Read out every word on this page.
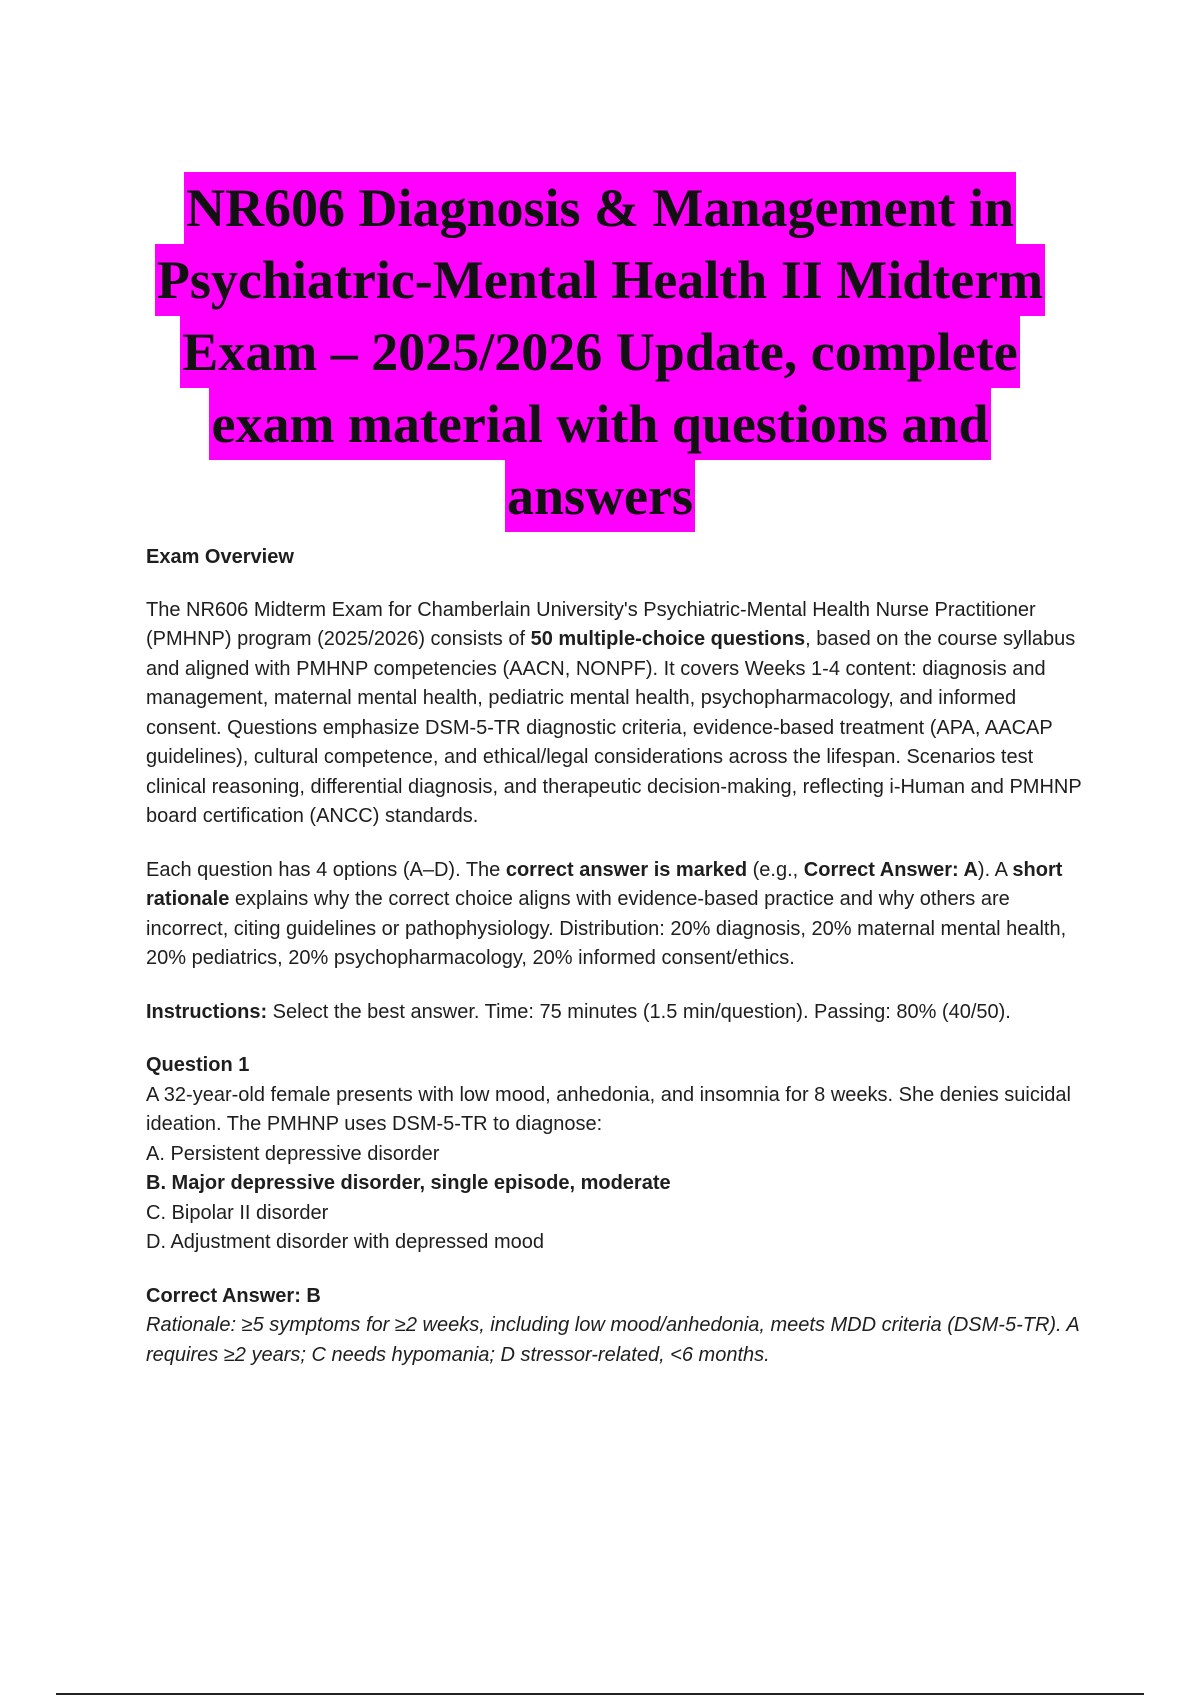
NR606 Diagnosis & Management in
Psychiatric-Mental Health II Midterm
Exam – 2025/2026 Update, complete
exam material with questions and
answers

Exam Overview

The NR606 Midterm Exam for Chamberlain University's Psychiatric-Mental Health Nurse Practitioner (PMHNP) program (2025/2026) consists of 50 multiple-choice questions, based on the course syllabus and aligned with PMHNP competencies (AACN, NONPF). It covers Weeks 1-4 content: diagnosis and management, maternal mental health, pediatric mental health, psychopharmacology, and informed consent. Questions emphasize DSM-5-TR diagnostic criteria, evidence-based treatment (APA, AACAP guidelines), cultural competence, and ethical/legal considerations across the lifespan. Scenarios test clinical reasoning, differential diagnosis, and therapeutic decision-making, reflecting i-Human and PMHNP board certification (ANCC) standards.

Each question has 4 options (A–D). The correct answer is marked (e.g., Correct Answer: A). A short rationale explains why the correct choice aligns with evidence-based practice and why others are incorrect, citing guidelines or pathophysiology. Distribution: 20% diagnosis, 20% maternal mental health, 20% pediatrics, 20% psychopharmacology, 20% informed consent/ethics.

Instructions: Select the best answer. Time: 75 minutes (1.5 min/question). Passing: 80% (40/50).

Question 1

A 32-year-old female presents with low mood, anhedonia, and insomnia for 8 weeks. She denies suicidal ideation. The PMHNP uses DSM-5-TR to diagnose:

A. Persistent depressive disorder

B. Major depressive disorder, single episode, moderate

C. Bipolar II disorder

D. Adjustment disorder with depressed mood

Correct Answer: B

Rationale: ≥5 symptoms for ≥2 weeks, including low mood/anhedonia, meets MDD criteria (DSM-5-TR). A requires ≥2 years; C needs hypomania; D stressor-related, <6 months.
